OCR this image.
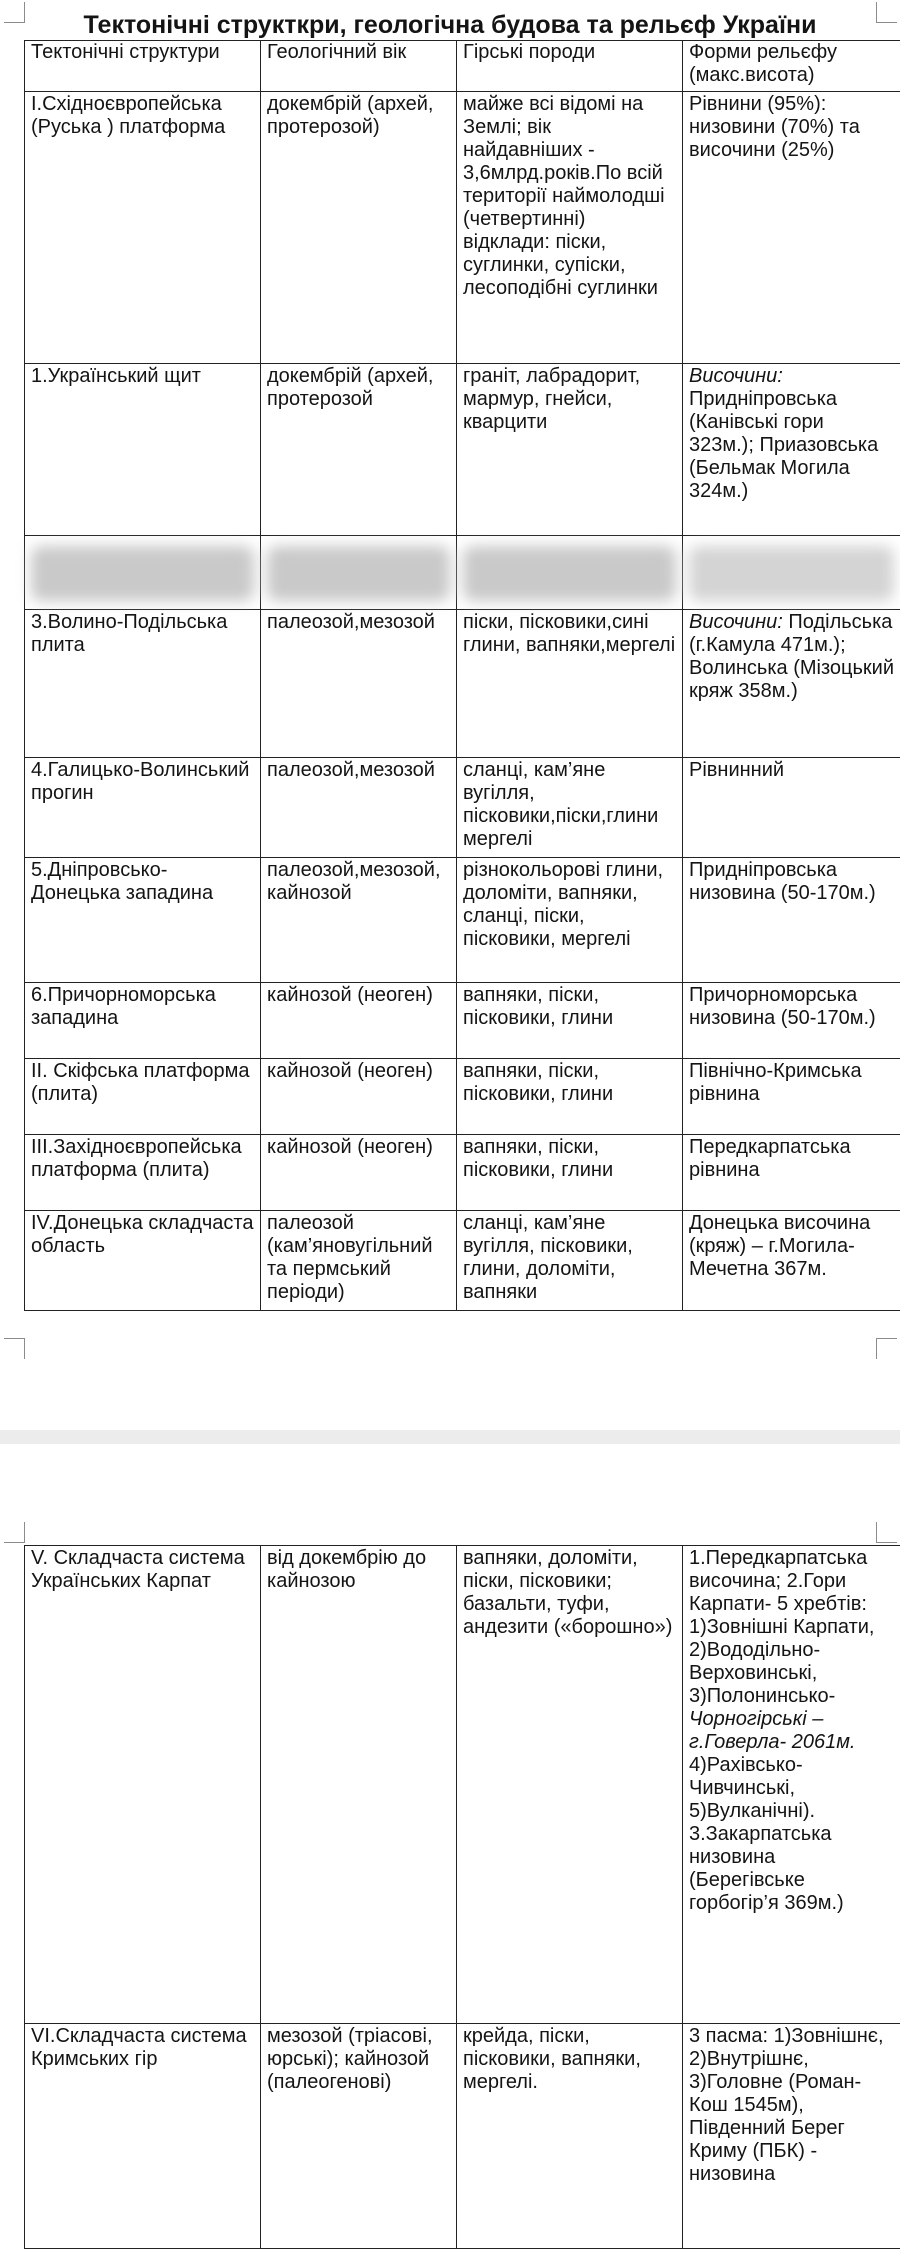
Тектонічні структкри, геологічна будова та рельєф України
Тектонічні структури	Геологічний вік	Гірські породи	Форми рельєфу (макс.висота)
І.Східноєвропейська (Руська ) платформа	докембрій (архей, протерозой)	майже всі відомі на Землі; вік найдавніших - 3,6млрд.років.По всій території наймолодші (четвертинні) відклади: піски, суглинки, супіски, лесоподібні суглинки	Рівнини (95%): низовини (70%) та височини (25%)
1.Український щит	докембрій (архей, протерозой	граніт, лабрадорит, мармур, гнейси, кварцити	Височини: Придніпровська (Канівські гори 323м.); Приазовська (Бельмак Могила 324м.)

3.Волино-Подільська плита	палеозой,мезозой	піски, пісковики,сині глини, вапняки,мергелі	Височини: Подільська (г.Камула 471м.); Волинська (Мізоцький кряж 358м.)
4.Галицько-Волинський прогин	палеозой,мезозой	сланці, кам’яне вугілля, пісковики,піски,глини мергелі	Рівнинний
5.Дніпровсько-Донецька западина	палеозой,мезозой, кайнозой	різнокольорові глини, доломіти, вапняки, сланці, піски, пісковики, мергелі	Придніпровська низовина (50-170м.)
6.Причорноморська западина	кайнозой (неоген)	вапняки, піски, пісковики, глини	Причорноморська низовина (50-170м.)
ІІ. Скіфська платформа (плита)	кайнозой (неоген)	вапняки, піски, пісковики, глини	Північно-Кримська рівнина
ІІІ.Західноєвропейська платформа (плита)	кайнозой (неоген)	вапняки, піски, пісковики, глини	Передкарпатська рівнина
ІV.Донецька складчаста область	палеозой (кам’яновугільний та пермський періоди)	сланці, кам’яне вугілля, пісковики, глини, доломіти, вапняки	Донецька височина (кряж) – г.Могила-Мечетна 367м.
V. Складчаста система Українських Карпат	від докембрію до кайнозою	вапняки, доломіти, піски, пісковики; базальти, туфи, андезити («борошно»)	1.Передкарпатська височина; 2.Гори Карпати- 5 хребтів: 1)Зовнішні Карпати, 2)Вододільно-Верховинські, 3)Полонинсько-Чорногірські –г.Говерла- 2061м. 4)Рахівсько-Чивчинські, 5)Вулканічні). 3.Закарпатська низовина (Берегівське горбогір’я 369м.)
VІ.Складчаста система Кримських гір	мезозой (тріасові, юрські); кайнозой (палеогенові)	крейда, піски, пісковики, вапняки, мергелі.	3 пасма: 1)Зовнішнє, 2)Внутрішнє, 3)Головне (Роман-Кош 1545м), Південний Берег Криму (ПБК) - низовина
